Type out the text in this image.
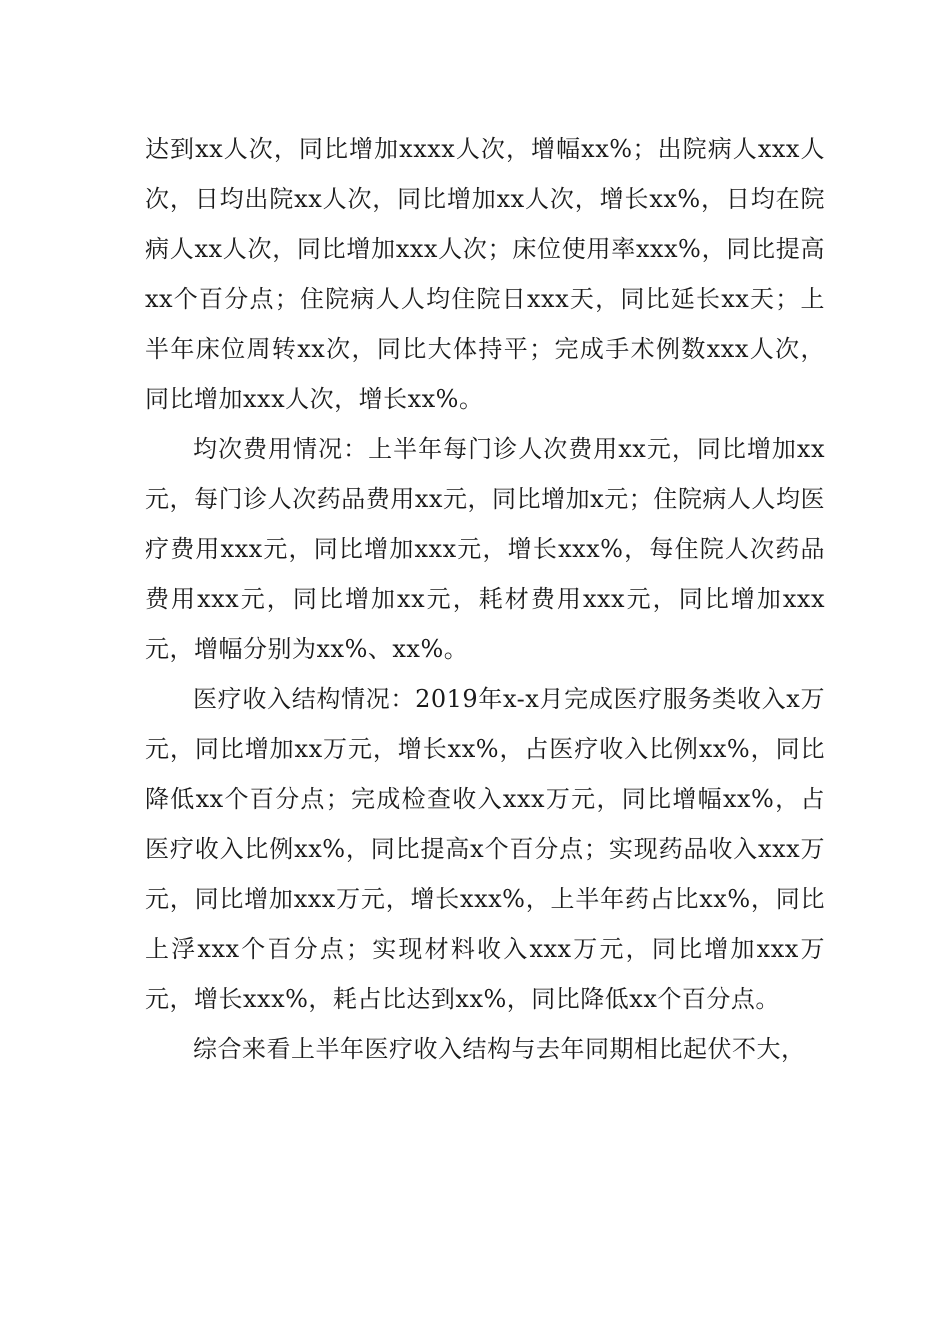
达到xx人次，同比增加xxxx人次，增幅xx%；出院病人xxx人次，日均出院xx人次，同比增加xx人次，增长xx%，日均在院病人xx人次，同比增加xxx人次；床位使用率xxx%，同比提高xx个百分点；住院病人人均住院日xxx天，同比延长xx天；上半年床位周转xx次，同比大体持平；完成手术例数xxx人次，同比增加xxx人次，增长xx%。

均次费用情况：上半年每门诊人次费用xx元，同比增加xx元，每门诊人次药品费用xx元，同比增加x元；住院病人人均医疗费用xxx元，同比增加xxx元，增长xxx%，每住院人次药品费用xxx元，同比增加xx元，耗材费用xxx元，同比增加xxx元，增幅分别为xx%、xx%。

医疗收入结构情况：2019年x-x月完成医疗服务类收入x万元，同比增加xx万元，增长xx%，占医疗收入比例xx%，同比降低xx个百分点；完成检查收入xxx万元，同比增幅xx%，占医疗收入比例xx%，同比提高x个百分点；实现药品收入xxx万元，同比增加xxx万元，增长xxx%，上半年药占比xx%，同比上浮xxx个百分点；实现材料收入xxx万元，同比增加xxx万元，增长xxx%，耗占比达到xx%，同比降低xx个百分点。

综合来看上半年医疗收入结构与去年同期相比起伏不大，
